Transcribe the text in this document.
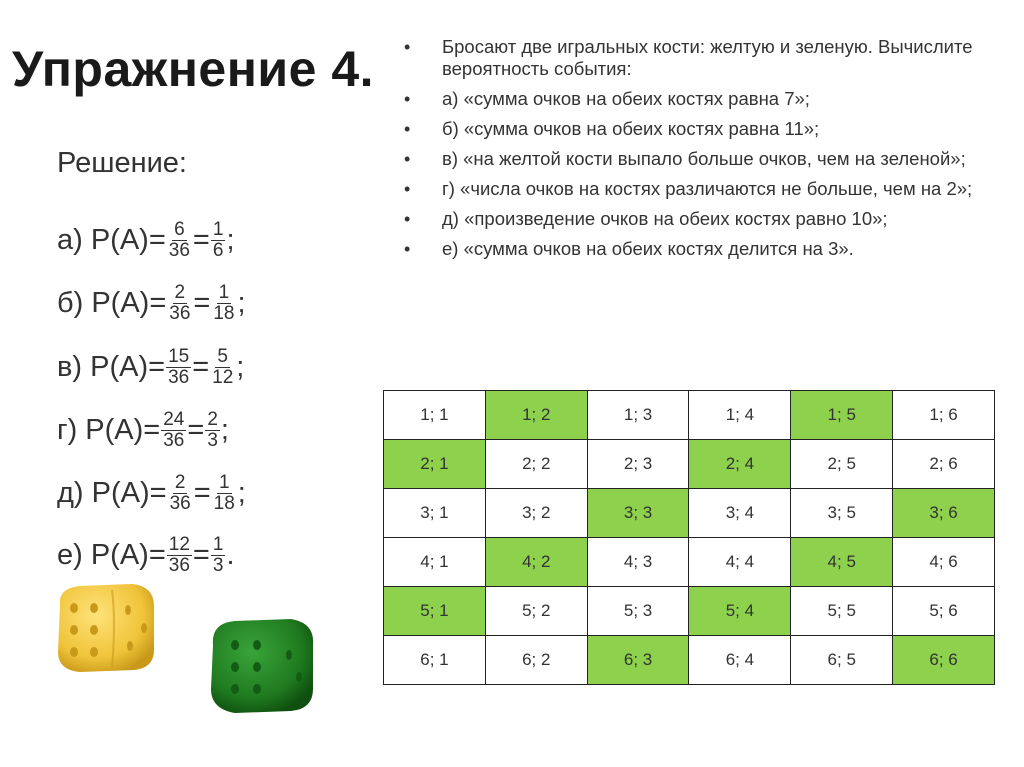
Упражнение 4.
Решение:
а) $Р(А)= \frac{6}{36} = \frac{1}{6}$ ;
б) $Р(А)= \frac{2}{36} = \frac{1}{18}$ ;
в) $Р(А)= \frac{15}{36} = \frac{5}{12}$ ;
г) $Р(А)= \frac{24}{36} = \frac{2}{3}$ ;
д) $Р(А)= \frac{2}{36} = \frac{1}{18}$ ;
е) $Р(А)= \frac{12}{36} = \frac{1}{3}$ .
• Бросают две игральных кости: желтую и зеленую. Вычислите вероятность события:
• а) «сумма очков на обеих костях равна 7»;
• б) «сумма очков на обеих костях равна 11»;
• в) «на желтой кости выпало больше очков, чем на зеленой»;
• г) «числа очков на костях различаются не больше, чем на 2»;
• д) «произведение очков на обеих костях равно 10»;
• е) «сумма очков на обеих костях делится на 3».
1; 1	1; 2	1; 3	1; 4	1; 5	1; 6
2; 1	2; 2	2; 3	2; 4	2; 5	2; 6
3; 1	3; 2	3; 3	3; 4	3; 5	3; 6
4; 1	4; 2	4; 3	4; 4	4; 5	4; 6
5; 1	5; 2	5; 3	5; 4	5; 5	5; 6
6; 1	6; 2	6; 3	6; 4	6; 5	6; 6
